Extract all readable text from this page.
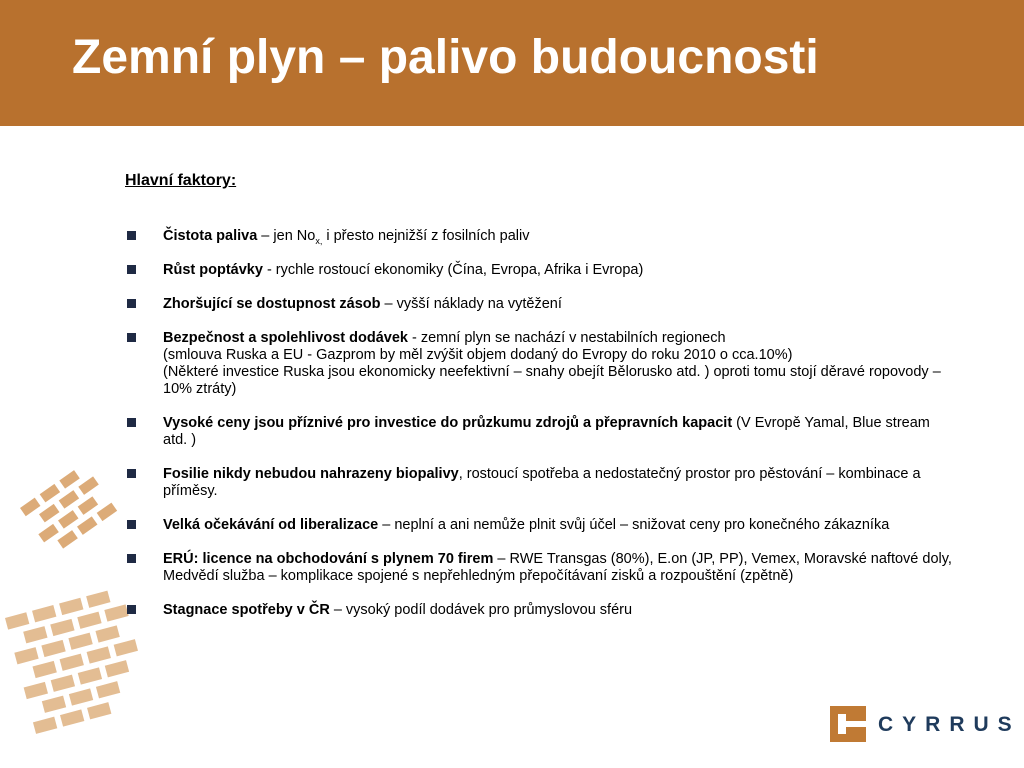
Zemní plyn – palivo budoucnosti
Hlavní faktory:
Čistota paliva – jen $No_{x,}$ i přesto nejnižší z fosilních paliv
Růst poptávky - rychle rostoucí ekonomiky (Čína, Evropa, Afrika i Evropa)
Zhoršující se dostupnost zásob – vyšší náklady na vytěžení
Bezpečnost a spolehlivost dodávek - zemní plyn se nachází v nestabilních regionech
(smlouva Ruska a EU - Gazprom by měl zvýšit objem dodaný do Evropy do roku 2010 o cca.10%)
(Některé investice Ruska jsou ekonomicky neefektivní – snahy obejít Bělorusko atd. ) oproti tomu stojí děravé ropovody – 10% ztráty)
Vysoké ceny jsou příznivé pro investice do průzkumu zdrojů a přepravních kapacit (V Evropě Yamal, Blue stream atd. )
Fosilie nikdy nebudou nahrazeny biopalivy, rostoucí spotřeba a nedostatečný prostor pro pěstování – kombinace a příměsy.
Velká očekávání od liberalizace – neplní a ani nemůže plnit svůj účel – snižovat ceny pro konečného zákazníka
ERÚ: licence na obchodování s plynem 70 firem – RWE Transgas (80%), E.on (JP, PP), Vemex, Moravské naftové doly, Medvědí služba – komplikace spojené s nepřehledným přepočítávaní zisků a rozpouštění (zpětně)
Stagnace spotřeby v ČR – vysoký podíl dodávek pro průmyslovou sféru
CYRRUS
